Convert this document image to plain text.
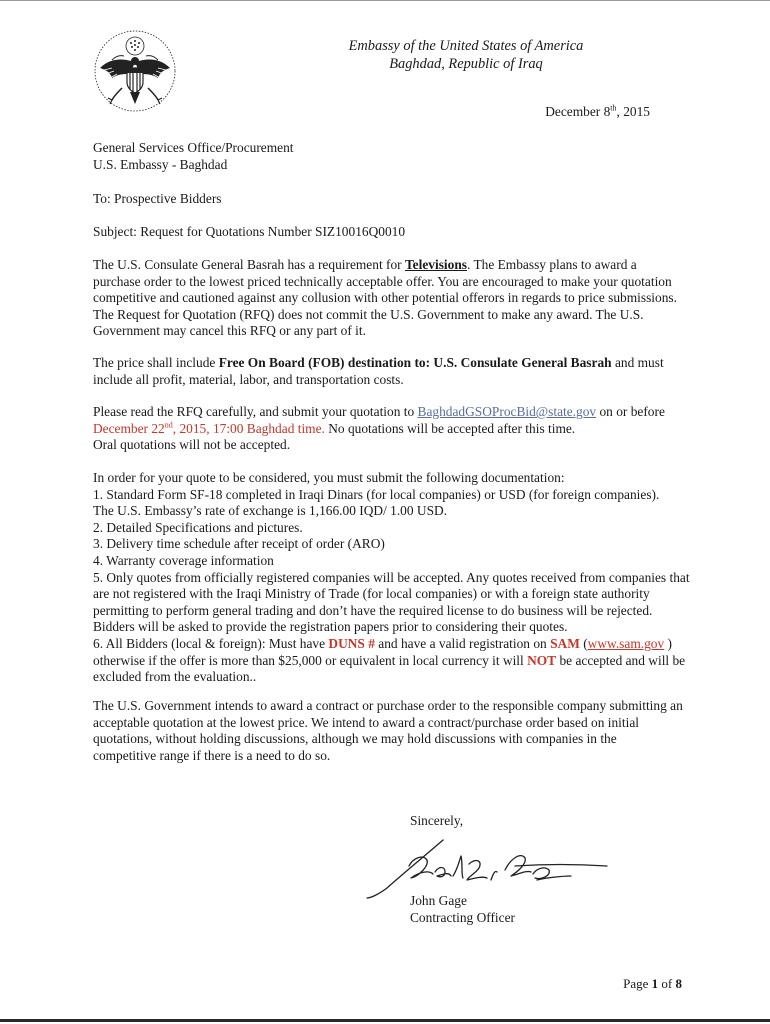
Embassy of the United States of America
Baghdad, Republic of Iraq
December 8th, 2015

General Services Office/Procurement

U.S. Embassy - Baghdad

To: Prospective Bidders

Subject: Request for Quotations Number SIZ10016Q0010

The U.S. Consulate General Basrah has a requirement for Televisions. The Embassy plans to award a purchase order to the lowest priced technically acceptable offer. You are encouraged to make your quotation competitive and cautioned against any collusion with other potential offerors in regards to price submissions. The Request for Quotation (RFQ) does not commit the U.S. Government to make any award. The U.S. Government may cancel this RFQ or any part of it.

The price shall include Free On Board (FOB) destination to: U.S. Consulate General Basrah and must include all profit, material, labor, and transportation costs.

Please read the RFQ carefully, and submit your quotation to BaghdadGSOProcBid@state.gov on or before December 22nd, 2015, 17:00 Baghdad time. No quotations will be accepted after this time.

Oral quotations will not be accepted.

In order for your quote to be considered, you must submit the following documentation:

1. Standard Form SF-18 completed in Iraqi Dinars (for local companies) or USD (for foreign companies).

The U.S. Embassy’s rate of exchange is 1,166.00 IQD/ 1.00 USD.

2. Detailed Specifications and pictures.

3. Delivery time schedule after receipt of order (ARO)

4. Warranty coverage information

5. Only quotes from officially registered companies will be accepted. Any quotes received from companies that are not registered with the Iraqi Ministry of Trade (for local companies) or with a foreign state authority permitting to perform general trading and don’t have the required license to do business will be rejected. Bidders will be asked to provide the registration papers prior to considering their quotes.

6. All Bidders (local & foreign): Must have DUNS # and have a valid registration on SAM (www.sam.gov ) otherwise if the offer is more than $25,000 or equivalent in local currency it will NOT be accepted and will be excluded from the evaluation..

The U.S. Government intends to award a contract or purchase order to the responsible company submitting an acceptable quotation at the lowest price. We intend to award a contract/purchase order based on initial quotations, without holding discussions, although we may hold discussions with companies in the competitive range if there is a need to do so.

Sincerely,

John Gage

Contracting Officer

Page 1 of 8
